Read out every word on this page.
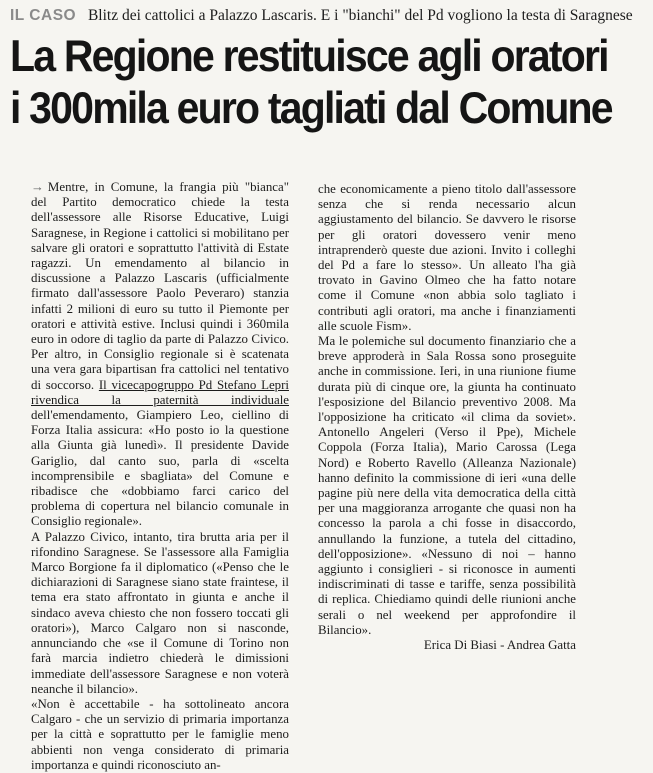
IL CASO Blitz dei cattolici a Palazzo Lascaris. E i "bianchi" del Pd vogliono la testa di Saragnese
La Regione restituisce agli oratori
i 300mila euro tagliati dal Comune

→ Mentre, in Comune, la frangia più "bianca" del Partito democratico chiede la testa dell'assessore alle Risorse Educative, Luigi Saragnese, in Regione i cattolici si mobilitano per salvare gli oratori e soprattutto l'attività di Estate ragazzi. Un emendamento al bilancio in discussione a Palazzo Lascaris (ufficialmente firmato dall'assessore Paolo Peveraro) stanzia infatti 2 milioni di euro su tutto il Piemonte per oratori e attività estive. Inclusi quindi i 360mila euro in odore di taglio da parte di Palazzo Civico. Per altro, in Consiglio regionale si è scatenata una vera gara bipartisan fra cattolici nel tentativo di soccorso. Il vicecapogruppo Pd Stefano Lepri rivendica la paternità individuale dell'emendamento, Giampiero Leo, ciellino di Forza Italia assicura: «Ho posto io la questione alla Giunta già lunedì». Il presidente Davide Gariglio, dal canto suo, parla di «scelta incomprensibile e sbagliata» del Comune e ribadisce che «dobbiamo farci carico del problema di copertura nel bilancio comunale in Consiglio regionale».

A Palazzo Civico, intanto, tira brutta aria per il rifondino Saragnese. Se l'assessore alla Famiglia Marco Borgione fa il diplomatico («Penso che le dichiarazioni di Saragnese siano state fraintese, il tema era stato affrontato in giunta e anche il sindaco aveva chiesto che non fossero toccati gli oratori»), Marco Calgaro non si nasconde, annunciando che «se il Comune di Torino non farà marcia indietro chiederà le dimissioni immediate dell'assessore Saragnese e non voterà neanche il bilancio».

«Non è accettabile - ha sottolineato ancora Calgaro - che un servizio di primaria importanza per la città e soprattutto per le famiglie meno abbienti non venga considerato di primaria importanza e quindi riconosciuto an-

che economicamente a pieno titolo dall'assessore senza che si renda necessario alcun aggiustamento del bilancio. Se davvero le risorse per gli oratori dovessero venir meno intraprenderò queste due azioni. Invito i colleghi del Pd a fare lo stesso». Un alleato l'ha già trovato in Gavino Olmeo che ha fatto notare come il Comune «non abbia solo tagliato i contributi agli oratori, ma anche i finanziamenti alle scuole Fism».

Ma le polemiche sul documento finanziario che a breve approderà in Sala Rossa sono proseguite anche in commissione. Ieri, in una riunione fiume durata più di cinque ore, la giunta ha continuato l'esposizione del Bilancio preventivo 2008. Ma l'opposizione ha criticato «il clima da soviet». Antonello Angeleri (Verso il Ppe), Michele Coppola (Forza Italia), Mario Carossa (Lega Nord) e Roberto Ravello (Alleanza Nazionale) hanno definito la commissione di ieri «una delle pagine più nere della vita democratica della città per una maggioranza arrogante che quasi non ha concesso la parola a chi fosse in disaccordo, annullando la funzione, a tutela del cittadino, dell'opposizione». «Nessuno di noi – hanno aggiunto i consiglieri - si riconosce in aumenti indiscriminati di tasse e tariffe, senza possibilità di replica. Chiediamo quindi delle riunioni anche serali o nel weekend per approfondire il Bilancio».

Erica Di Biasi - Andrea Gatta
